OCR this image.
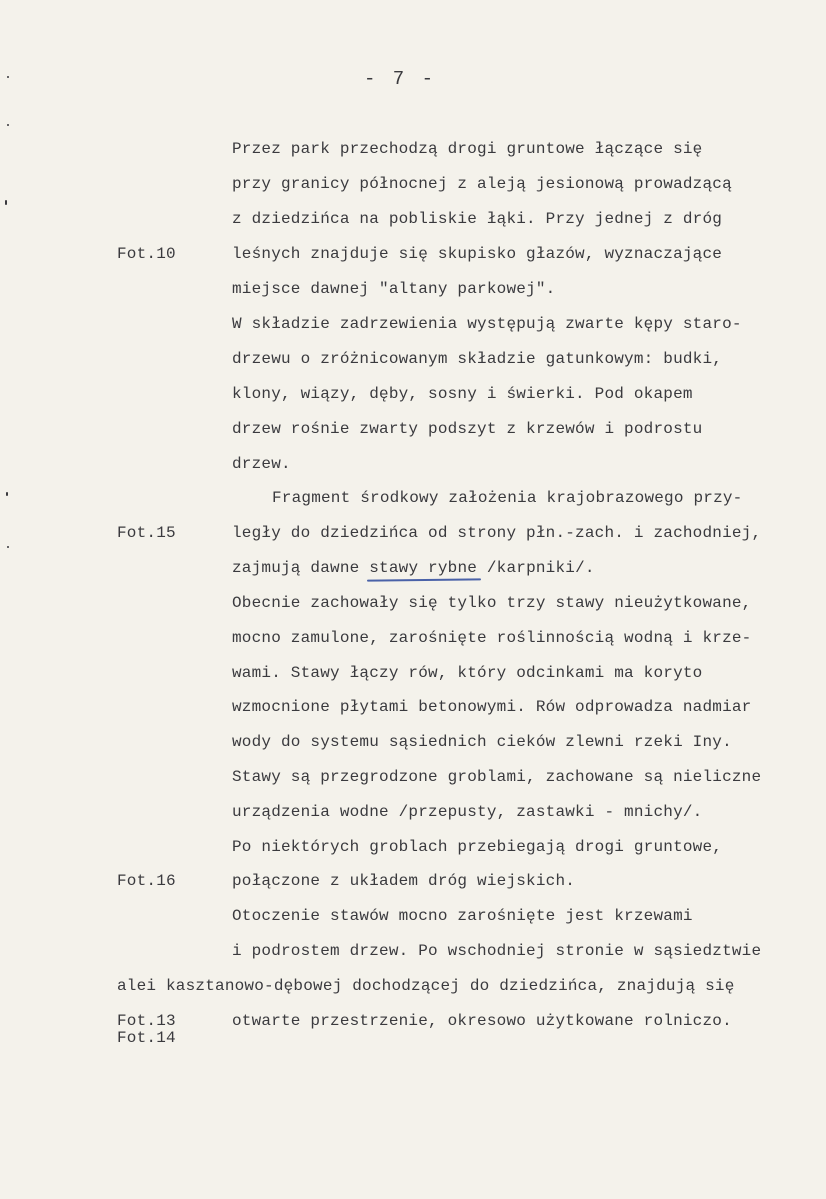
- 7 -
Fot.10
Fot.15
Fot.16
Fot.13
Fot.14
Przez park przechodzą drogi gruntowe łączące się
przy granicy północnej z aleją jesionową prowadzącą
z dziedzińca na pobliskie łąki. Przy jednej z dróg
leśnych znajduje się skupisko głazów, wyznaczające
miejsce dawnej "altany parkowej".
W składzie zadrzewienia występują zwarte kępy staro-
drzewu o zróżnicowanym składzie gatunkowym: budki,
klony, wiązy, dęby, sosny i świerki. Pod okapem
drzew rośnie zwarty podszyt z krzewów i podrostu
drzew.
Fragment środkowy założenia krajobrazowego przy-
legły do dziedzińca od strony płn.-zach. i zachodniej,
zajmują dawne stawy rybne /karpniki/.
Obecnie zachowały się tylko trzy stawy nieużytkowane,
mocno zamulone, zarośnięte roślinnością wodną i krze-
wami. Stawy łączy rów, który odcinkami ma koryto
wzmocnione płytami betonowymi. Rów odprowadza nadmiar
wody do systemu sąsiednich cieków zlewni rzeki Iny.
Stawy są przegrodzone groblami, zachowane są nieliczne
urządzenia wodne /przepusty, zastawki - mnichy/.
Po niektórych groblach przebiegają drogi gruntowe,
połączone z układem dróg wiejskich.
Otoczenie stawów mocno zarośnięte jest krzewami
i podrostem drzew. Po wschodniej stronie w sąsiedztwie
alei kasztanowo-dębowej dochodzącej do dziedzińca, znajdują się
otwarte przestrzenie, okresowo użytkowane rolniczo.
